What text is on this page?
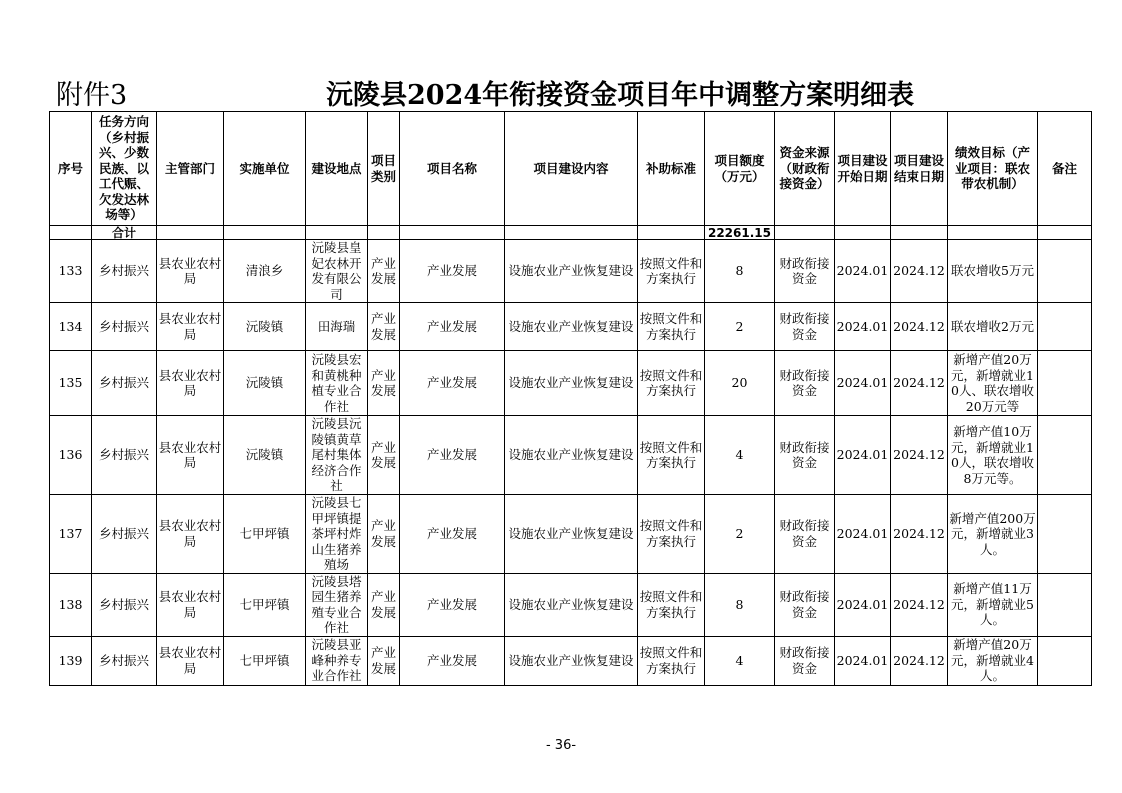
附件3	沅陵县2024年衔接资金项目年中调整方案明细表
序号	任务方向（乡村振兴、少数民族、以工代赈、欠发达林场等）	主管部门	实施单位	建设地点	项目类别	项目名称	项目建设内容	补助标准	项目额度（万元）	资金来源（财政衔接资金）	项目建设开始日期	项目建设结束日期	绩效目标（产业项目：联农带农机制）	备注
	合计								22261.15					
133	乡村振兴	县农业农村局	清浪乡	沅陵县皇妃农林开发有限公司	产业发展	产业发展	设施农业产业恢复建设	按照文件和方案执行	8	财政衔接资金	2024.01	2024.12	联农增收5万元	
134	乡村振兴	县农业农村局	沅陵镇	田海瑞	产业发展	产业发展	设施农业产业恢复建设	按照文件和方案执行	2	财政衔接资金	2024.01	2024.12	联农增收2万元	
135	乡村振兴	县农业农村局	沅陵镇	沅陵县宏和黄桃种植专业合作社	产业发展	产业发展	设施农业产业恢复建设	按照文件和方案执行	20	财政衔接资金	2024.01	2024.12	新增产值20万元，新增就业10人、联农增收20万元等	
136	乡村振兴	县农业农村局	沅陵镇	沅陵县沅陵镇黄草尾村集体经济合作社	产业发展	产业发展	设施农业产业恢复建设	按照文件和方案执行	4	财政衔接资金	2024.01	2024.12	新增产值10万元，新增就业10人，联农增收8万元等。	
137	乡村振兴	县农业农村局	七甲坪镇	沅陵县七甲坪镇提茶坪村炸山生猪养殖场	产业发展	产业发展	设施农业产业恢复建设	按照文件和方案执行	2	财政衔接资金	2024.01	2024.12	新增产值200万元，新增就业3人。	
138	乡村振兴	县农业农村局	七甲坪镇	沅陵县塔园生猪养殖专业合作社	产业发展	产业发展	设施农业产业恢复建设	按照文件和方案执行	8	财政衔接资金	2024.01	2024.12	新增产值11万元，新增就业5人。	
139	乡村振兴	县农业农村局	七甲坪镇	沅陵县亚峰种养专业合作社	产业发展	产业发展	设施农业产业恢复建设	按照文件和方案执行	4	财政衔接资金	2024.01	2024.12	新增产值20万元，新增就业4人。	
- 36-
